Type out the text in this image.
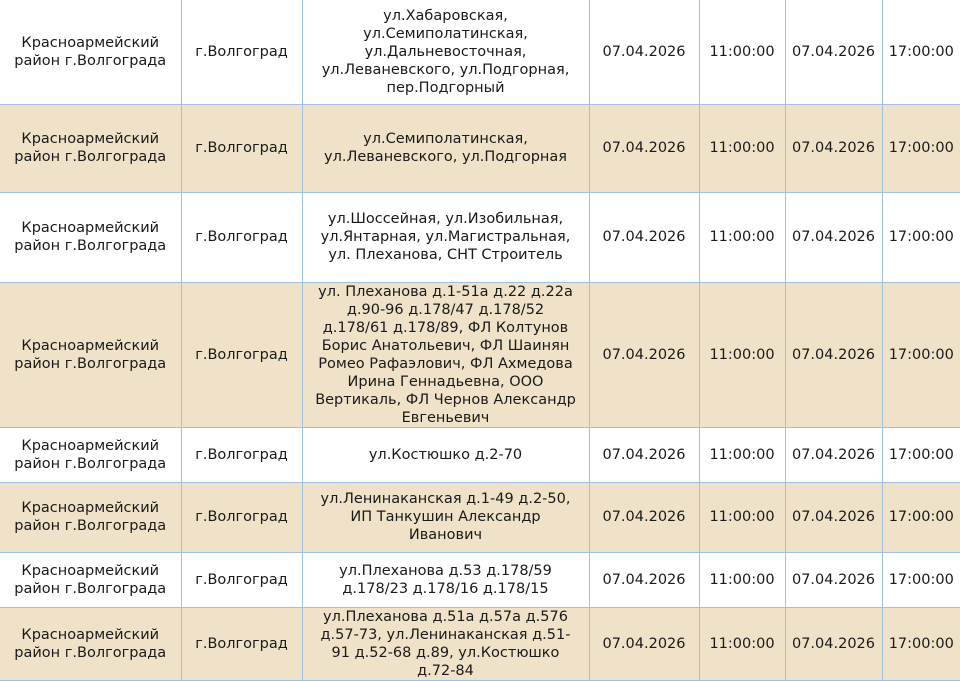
Красноармейский район г.Волгограда	г.Волгоград	ул.Хабаровская, ул.Семиполатинская, ул.Дальневосточная, ул.Леваневского, ул.Подгорная, пер.Подгорный	07.04.2026	11:00:00	07.04.2026	17:00:00
Красноармейский район г.Волгограда	г.Волгоград	ул.Семиполатинская, ул.Леваневского, ул.Подгорная	07.04.2026	11:00:00	07.04.2026	17:00:00
Красноармейский район г.Волгограда	г.Волгоград	ул.Шоссейная, ул.Изобильная, ул.Янтарная, ул.Магистральная, ул. Плеханова, СНТ Строитель	07.04.2026	11:00:00	07.04.2026	17:00:00
Красноармейский район г.Волгограда	г.Волгоград	ул. Плеханова д.1-51а д.22 д.22а д.90-96 д.178/47 д.178/52 д.178/61 д.178/89, ФЛ Колтунов Борис Анатольевич, ФЛ Шаинян Ромео Рафаэлович, ФЛ Ахмедова Ирина Геннадьевна, ООО Вертикаль, ФЛ Чернов Александр Евгеньевич	07.04.2026	11:00:00	07.04.2026	17:00:00
Красноармейский район г.Волгограда	г.Волгоград	ул.Костюшко д.2-70	07.04.2026	11:00:00	07.04.2026	17:00:00
Красноармейский район г.Волгограда	г.Волгоград	ул.Ленинаканская д.1-49 д.2-50, ИП Танкушин Александр Иванович	07.04.2026	11:00:00	07.04.2026	17:00:00
Красноармейский район г.Волгограда	г.Волгоград	ул.Плеханова д.53 д.178/59 д.178/23 д.178/16 д.178/15	07.04.2026	11:00:00	07.04.2026	17:00:00
Красноармейский район г.Волгограда	г.Волгоград	ул.Плеханова д.51а д.57а д.576 д.57-73, ул.Ленинаканская д.51-91 д.52-68 д.89, ул.Костюшко д.72-84	07.04.2026	11:00:00	07.04.2026	17:00:00
